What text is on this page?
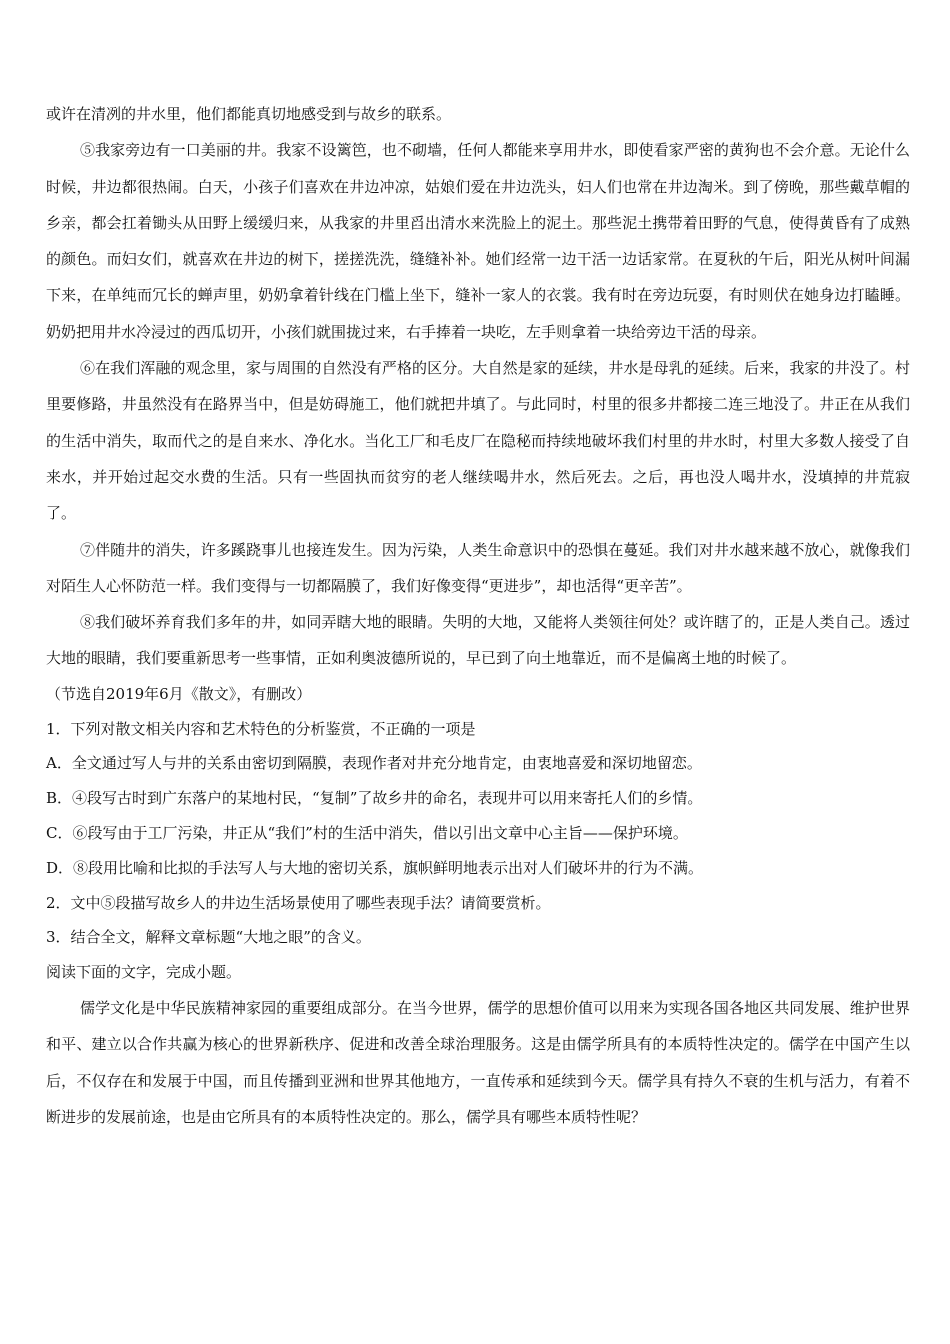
或许在清冽的井水里，他们都能真切地感受到与故乡的联系。

⑤我家旁边有一口美丽的井。我家不设篱笆，也不砌墙，任何人都能来享用井水，即使看家严密的黄狗也不会介意。无论什么时候，井边都很热闹。白天，小孩子们喜欢在井边冲凉，姑娘们爱在井边洗头，妇人们也常在井边淘米。到了傍晚，那些戴草帽的乡亲，都会扛着锄头从田野上缓缓归来，从我家的井里舀出清水来洗脸上的泥土。那些泥土携带着田野的气息，使得黄昏有了成熟的颜色。而妇女们，就喜欢在井边的树下，搓搓洗洗，缝缝补补。她们经常一边干活一边话家常。在夏秋的午后，阳光从树叶间漏下来，在单纯而冗长的蝉声里，奶奶拿着针线在门槛上坐下，缝补一家人的衣裳。我有时在旁边玩耍，有时则伏在她身边打瞌睡。奶奶把用井水冷浸过的西瓜切开，小孩们就围拢过来，右手捧着一块吃，左手则拿着一块给旁边干活的母亲。

⑥在我们浑融的观念里，家与周围的自然没有严格的区分。大自然是家的延续，井水是母乳的延续。后来，我家的井没了。村里要修路，井虽然没有在路界当中，但是妨碍施工，他们就把井填了。与此同时，村里的很多井都接二连三地没了。井正在从我们的生活中消失，取而代之的是自来水、净化水。当化工厂和毛皮厂在隐秘而持续地破坏我们村里的井水时，村里大多数人接受了自来水，并开始过起交水费的生活。只有一些固执而贫穷的老人继续喝井水，然后死去。之后，再也没人喝井水，没填掉的井荒寂了。

⑦伴随井的消失，许多蹊跷事儿也接连发生。因为污染，人类生命意识中的恐惧在蔓延。我们对井水越来越不放心，就像我们对陌生人心怀防范一样。我们变得与一切都隔膜了，我们好像变得“更进步”，却也活得“更辛苦”。

⑧我们破坏养育我们多年的井，如同弄瞎大地的眼睛。失明的大地，又能将人类领往何处？或许瞎了的，正是人类自己。透过大地的眼睛，我们要重新思考一些事情，正如利奥波德所说的，早已到了向土地靠近，而不是偏离土地的时候了。

（节选自2019年6月《散文》，有删改）

1．下列对散文相关内容和艺术特色的分析鉴赏，不正确的一项是

A．全文通过写人与井的关系由密切到隔膜，表现作者对井充分地肯定，由衷地喜爱和深切地留恋。

B．④段写古时到广东落户的某地村民，“复制”了故乡井的命名，表现井可以用来寄托人们的乡情。

C．⑥段写由于工厂污染，井正从“我们”村的生活中消失，借以引出文章中心主旨——保护环境。

D．⑧段用比喻和比拟的手法写人与大地的密切关系，旗帜鲜明地表示出对人们破坏井的行为不满。

2．文中⑤段描写故乡人的井边生活场景使用了哪些表现手法？请简要赏析。

3．结合全文，解释文章标题“大地之眼”的含义。

阅读下面的文字，完成小题。

儒学文化是中华民族精神家园的重要组成部分。在当今世界，儒学的思想价值可以用来为实现各国各地区共同发展、维护世界和平、建立以合作共赢为核心的世界新秩序、促进和改善全球治理服务。这是由儒学所具有的本质特性决定的。儒学在中国产生以后，不仅存在和发展于中国，而且传播到亚洲和世界其他地方，一直传承和延续到今天。儒学具有持久不衰的生机与活力，有着不断进步的发展前途，也是由它所具有的本质特性决定的。那么，儒学具有哪些本质特性呢？
